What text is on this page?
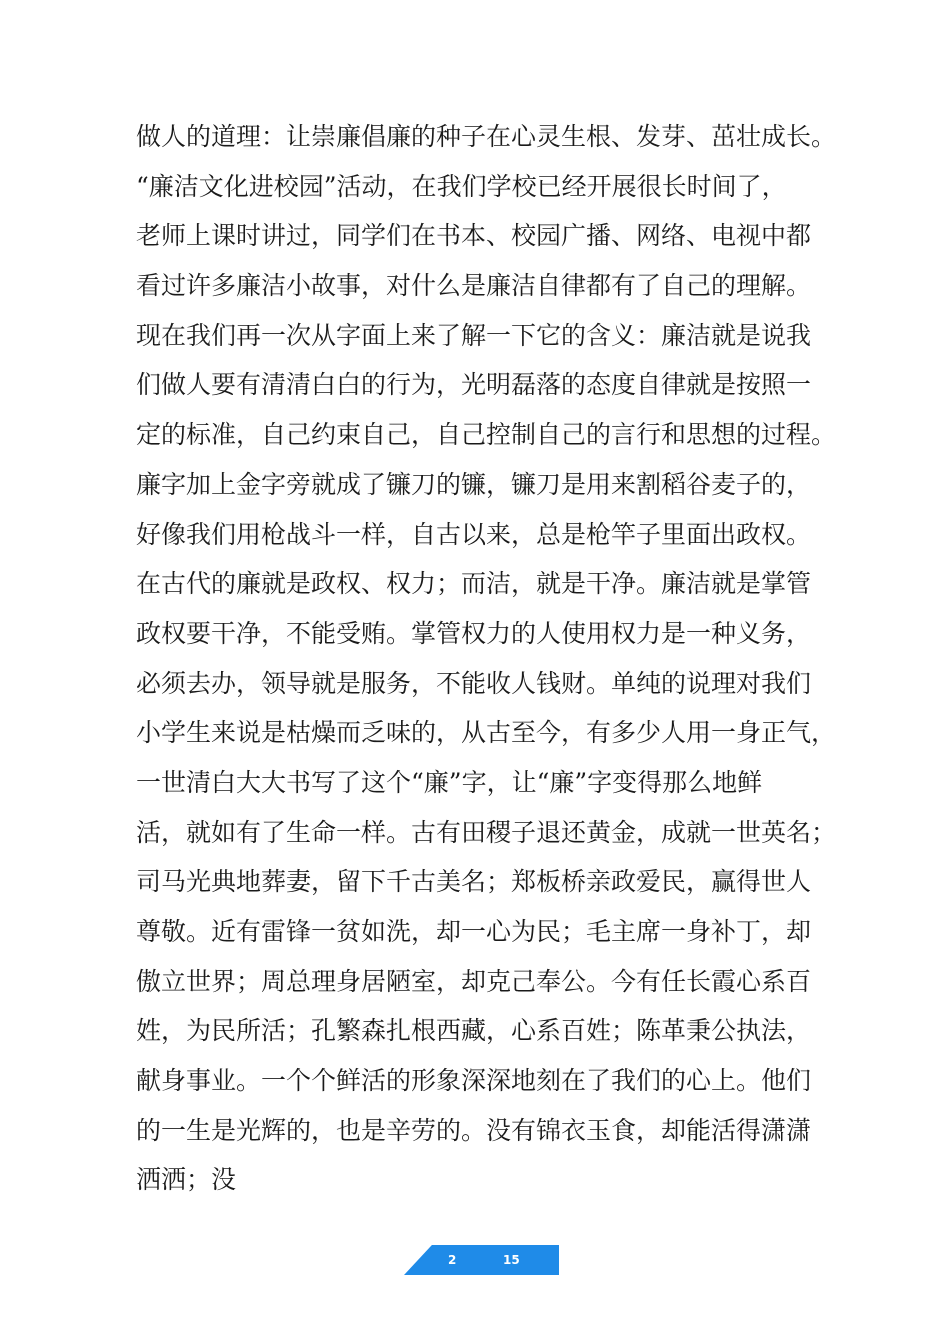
做人的道理：让崇廉倡廉的种子在心灵生根、发芽、茁壮成长。
“廉洁文化进校园”活动，在我们学校已经开展很长时间了，
老师上课时讲过，同学们在书本、校园广播、网络、电视中都
看过许多廉洁小故事，对什么是廉洁自律都有了自己的理解。
现在我们再一次从字面上来了解一下它的含义：廉洁就是说我
们做人要有清清白白的行为，光明磊落的态度自律就是按照一
定的标准，自己约束自己，自己控制自己的言行和思想的过程。
廉字加上金字旁就成了镰刀的镰，镰刀是用来割稻谷麦子的，
好像我们用枪战斗一样，自古以来，总是枪竿子里面出政权。
在古代的廉就是政权、权力；而洁，就是干净。廉洁就是掌管
政权要干净，不能受贿。掌管权力的人使用权力是一种义务，
必须去办，领导就是服务，不能收人钱财。单纯的说理对我们
小学生来说是枯燥而乏味的，从古至今，有多少人用一身正气，
一世清白大大书写了这个“廉”字，让“廉”字变得那么地鲜
活，就如有了生命一样。古有田稷子退还黄金，成就一世英名；
司马光典地葬妻，留下千古美名；郑板桥亲政爱民，赢得世人
尊敬。近有雷锋一贫如洗，却一心为民；毛主席一身补丁，却
傲立世界；周总理身居陋室，却克己奉公。今有任长霞心系百
姓，为民所活；孔繁森扎根西藏，心系百姓；陈革秉公执法，
献身事业。一个个鲜活的形象深深地刻在了我们的心上。他们
的一生是光辉的，也是辛劳的。没有锦衣玉食，却能活得潇潇
洒洒；没
2	15
